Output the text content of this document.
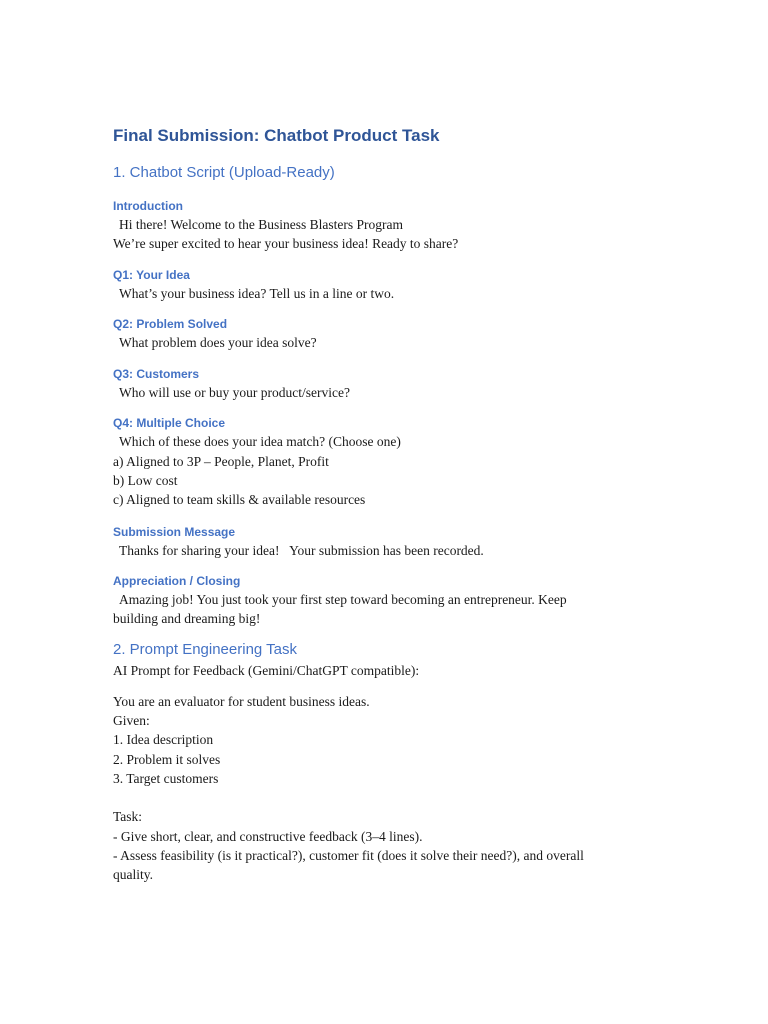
Final Submission: Chatbot Product Task

1. Chatbot Script (Upload-Ready)

Introduction

Hi there! Welcome to the Business Blasters Program

We’re super excited to hear your business idea! Ready to share?

Q1: Your Idea

What’s your business idea? Tell us in a line or two.

Q2: Problem Solved

What problem does your idea solve?

Q3: Customers

Who will use or buy your product/service?

Q4: Multiple Choice

Which of these does your idea match? (Choose one)

a) Aligned to 3P – People, Planet, Profit

b) Low cost

c) Aligned to team skills & available resources

Submission Message

Thanks for sharing your idea!   Your submission has been recorded.

Appreciation / Closing

Amazing job! You just took your first step toward becoming an entrepreneur. Keep

building and dreaming big!

2. Prompt Engineering Task

AI Prompt for Feedback (Gemini/ChatGPT compatible):

You are an evaluator for student business ideas.

Given:

1. Idea description

2. Problem it solves

3. Target customers

Task:

- Give short, clear, and constructive feedback (3–4 lines).

- Assess feasibility (is it practical?), customer fit (does it solve their need?), and overall

quality.
